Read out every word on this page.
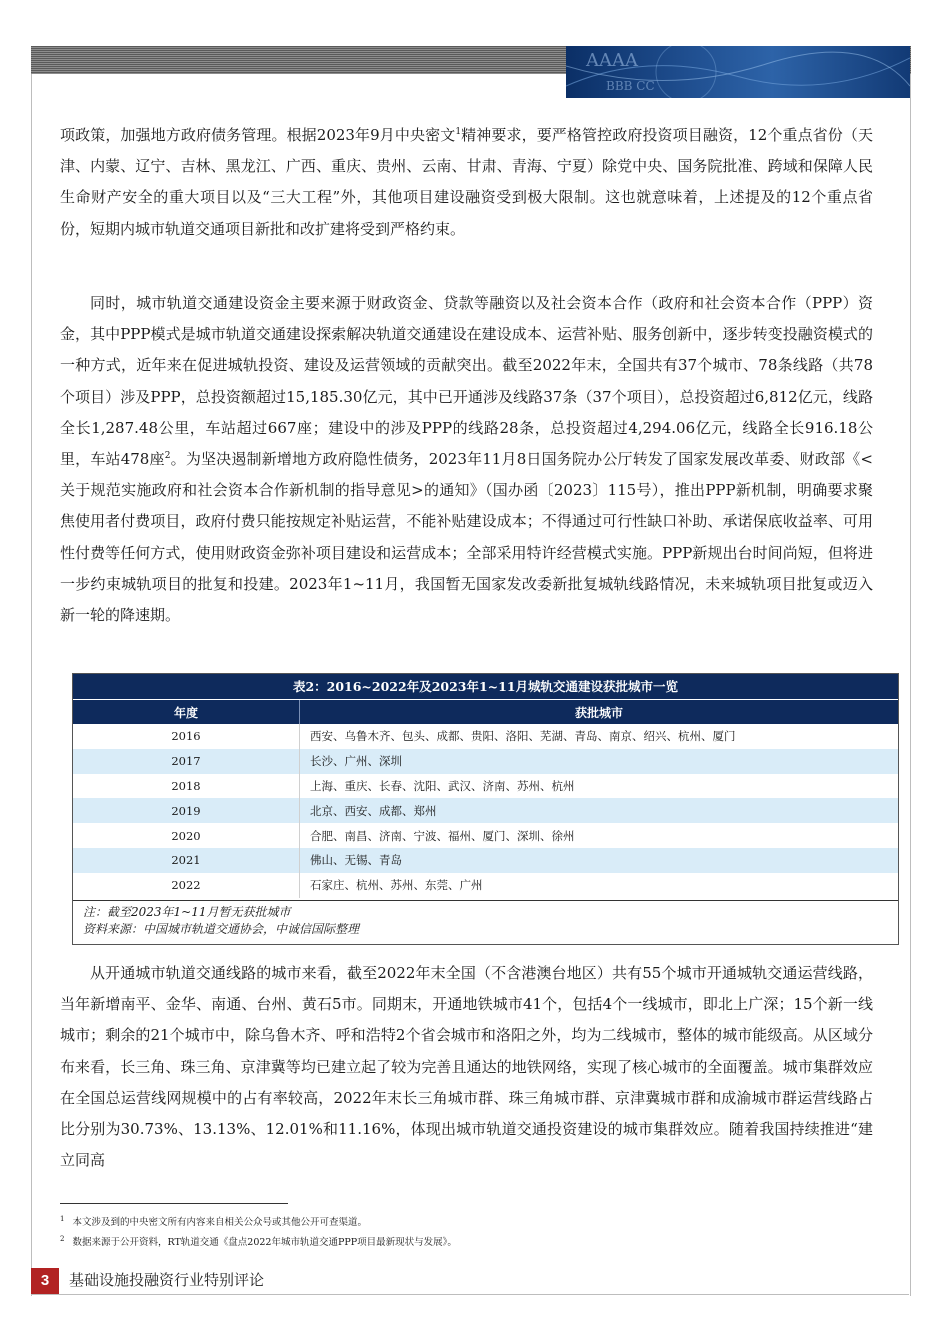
AAAA
BBB CC

项政策，加强地方政府债务管理。根据2023年9月中央密文$^1$精神要求，要严格管控政府投资项目融资，12个重点省份（天津、内蒙、辽宁、吉林、黑龙江、广西、重庆、贵州、云南、甘肃、青海、宁夏）除党中央、国务院批准、跨域和保障人民生命财产安全的重大项目以及“三大工程”外，其他项目建设融资受到极大限制。这也就意味着，上述提及的12个重点省份，短期内城市轨道交通项目新批和改扩建将受到严格约束。

同时，城市轨道交通建设资金主要来源于财政资金、贷款等融资以及社会资本合作（政府和社会资本合作（PPP）资金，其中PPP模式是城市轨道交通建设探索解决轨道交通建设在建设成本、运营补贴、服务创新中，逐步转变投融资模式的一种方式，近年来在促进城轨投资、建设及运营领域的贡献突出。截至2022年末，全国共有37个城市、78条线路（共78个项目）涉及PPP，总投资额超过15,185.30亿元，其中已开通涉及线路37条（37个项目），总投资超过6,812亿元，线路全长1,287.48公里，车站超过667座；建设中的涉及PPP的线路28条，总投资超过4,294.06亿元，线路全长916.18公里，车站478座$^2$。为坚决遏制新增地方政府隐性债务，2023年11月8日国务院办公厅转发了国家发展改革委、财政部《<关于规范实施政府和社会资本合作新机制的指导意见>的通知》（国办函〔2023〕115号），推出PPP新机制，明确要求聚焦使用者付费项目，政府付费只能按规定补贴运营，不能补贴建设成本；不得通过可行性缺口补助、承诺保底收益率、可用性付费等任何方式，使用财政资金弥补项目建设和运营成本；全部采用特许经营模式实施。PPP新规出台时间尚短，但将进一步约束城轨项目的批复和投建。2023年1~11月，我国暂无国家发改委新批复城轨线路情况，未来城轨项目批复或迈入新一轮的降速期。

表2：2016~2022年及2023年1~11月城轨交通建设获批城市一览
年度	获批城市
2016	西安、乌鲁木齐、包头、成都、贵阳、洛阳、芜湖、青岛、南京、绍兴、杭州、厦门
2017	长沙、广州、深圳
2018	上海、重庆、长春、沈阳、武汉、济南、苏州、杭州
2019	北京、西安、成都、郑州
2020	合肥、南昌、济南、宁波、福州、厦门、深圳、徐州
2021	佛山、无锡、青岛
2022	石家庄、杭州、苏州、东莞、广州
注：截至2023年1~11月暂无获批城市
资料来源：中国城市轨道交通协会，中诚信国际整理

从开通城市轨道交通线路的城市来看，截至2022年末全国（不含港澳台地区）共有55个城市开通城轨交通运营线路，当年新增南平、金华、南通、台州、黄石5市。同期末，开通地铁城市41个，包括4个一线城市，即北上广深；15个新一线城市；剩余的21个城市中，除乌鲁木齐、呼和浩特2个省会城市和洛阳之外，均为二线城市，整体的城市能级高。从区域分布来看，长三角、珠三角、京津冀等均已建立起了较为完善且通达的地铁网络，实现了核心城市的全面覆盖。城市集群效应在全国总运营线网规模中的占有率较高，2022年末长三角城市群、珠三角城市群、京津冀城市群和成渝城市群运营线路占比分别为30.73%、13.13%、12.01%和11.16%，体现出城市轨道交通投资建设的城市集群效应。随着我国持续推进“建立同高

$^1$ 本文涉及到的中央密文所有内容来自相关公众号或其他公开可查渠道。
$^2$ 数据来源于公开资料，RT轨道交通《盘点2022年城市轨道交通PPP项目最新现状与发展》。
3	基础设施投融资行业特别评论
